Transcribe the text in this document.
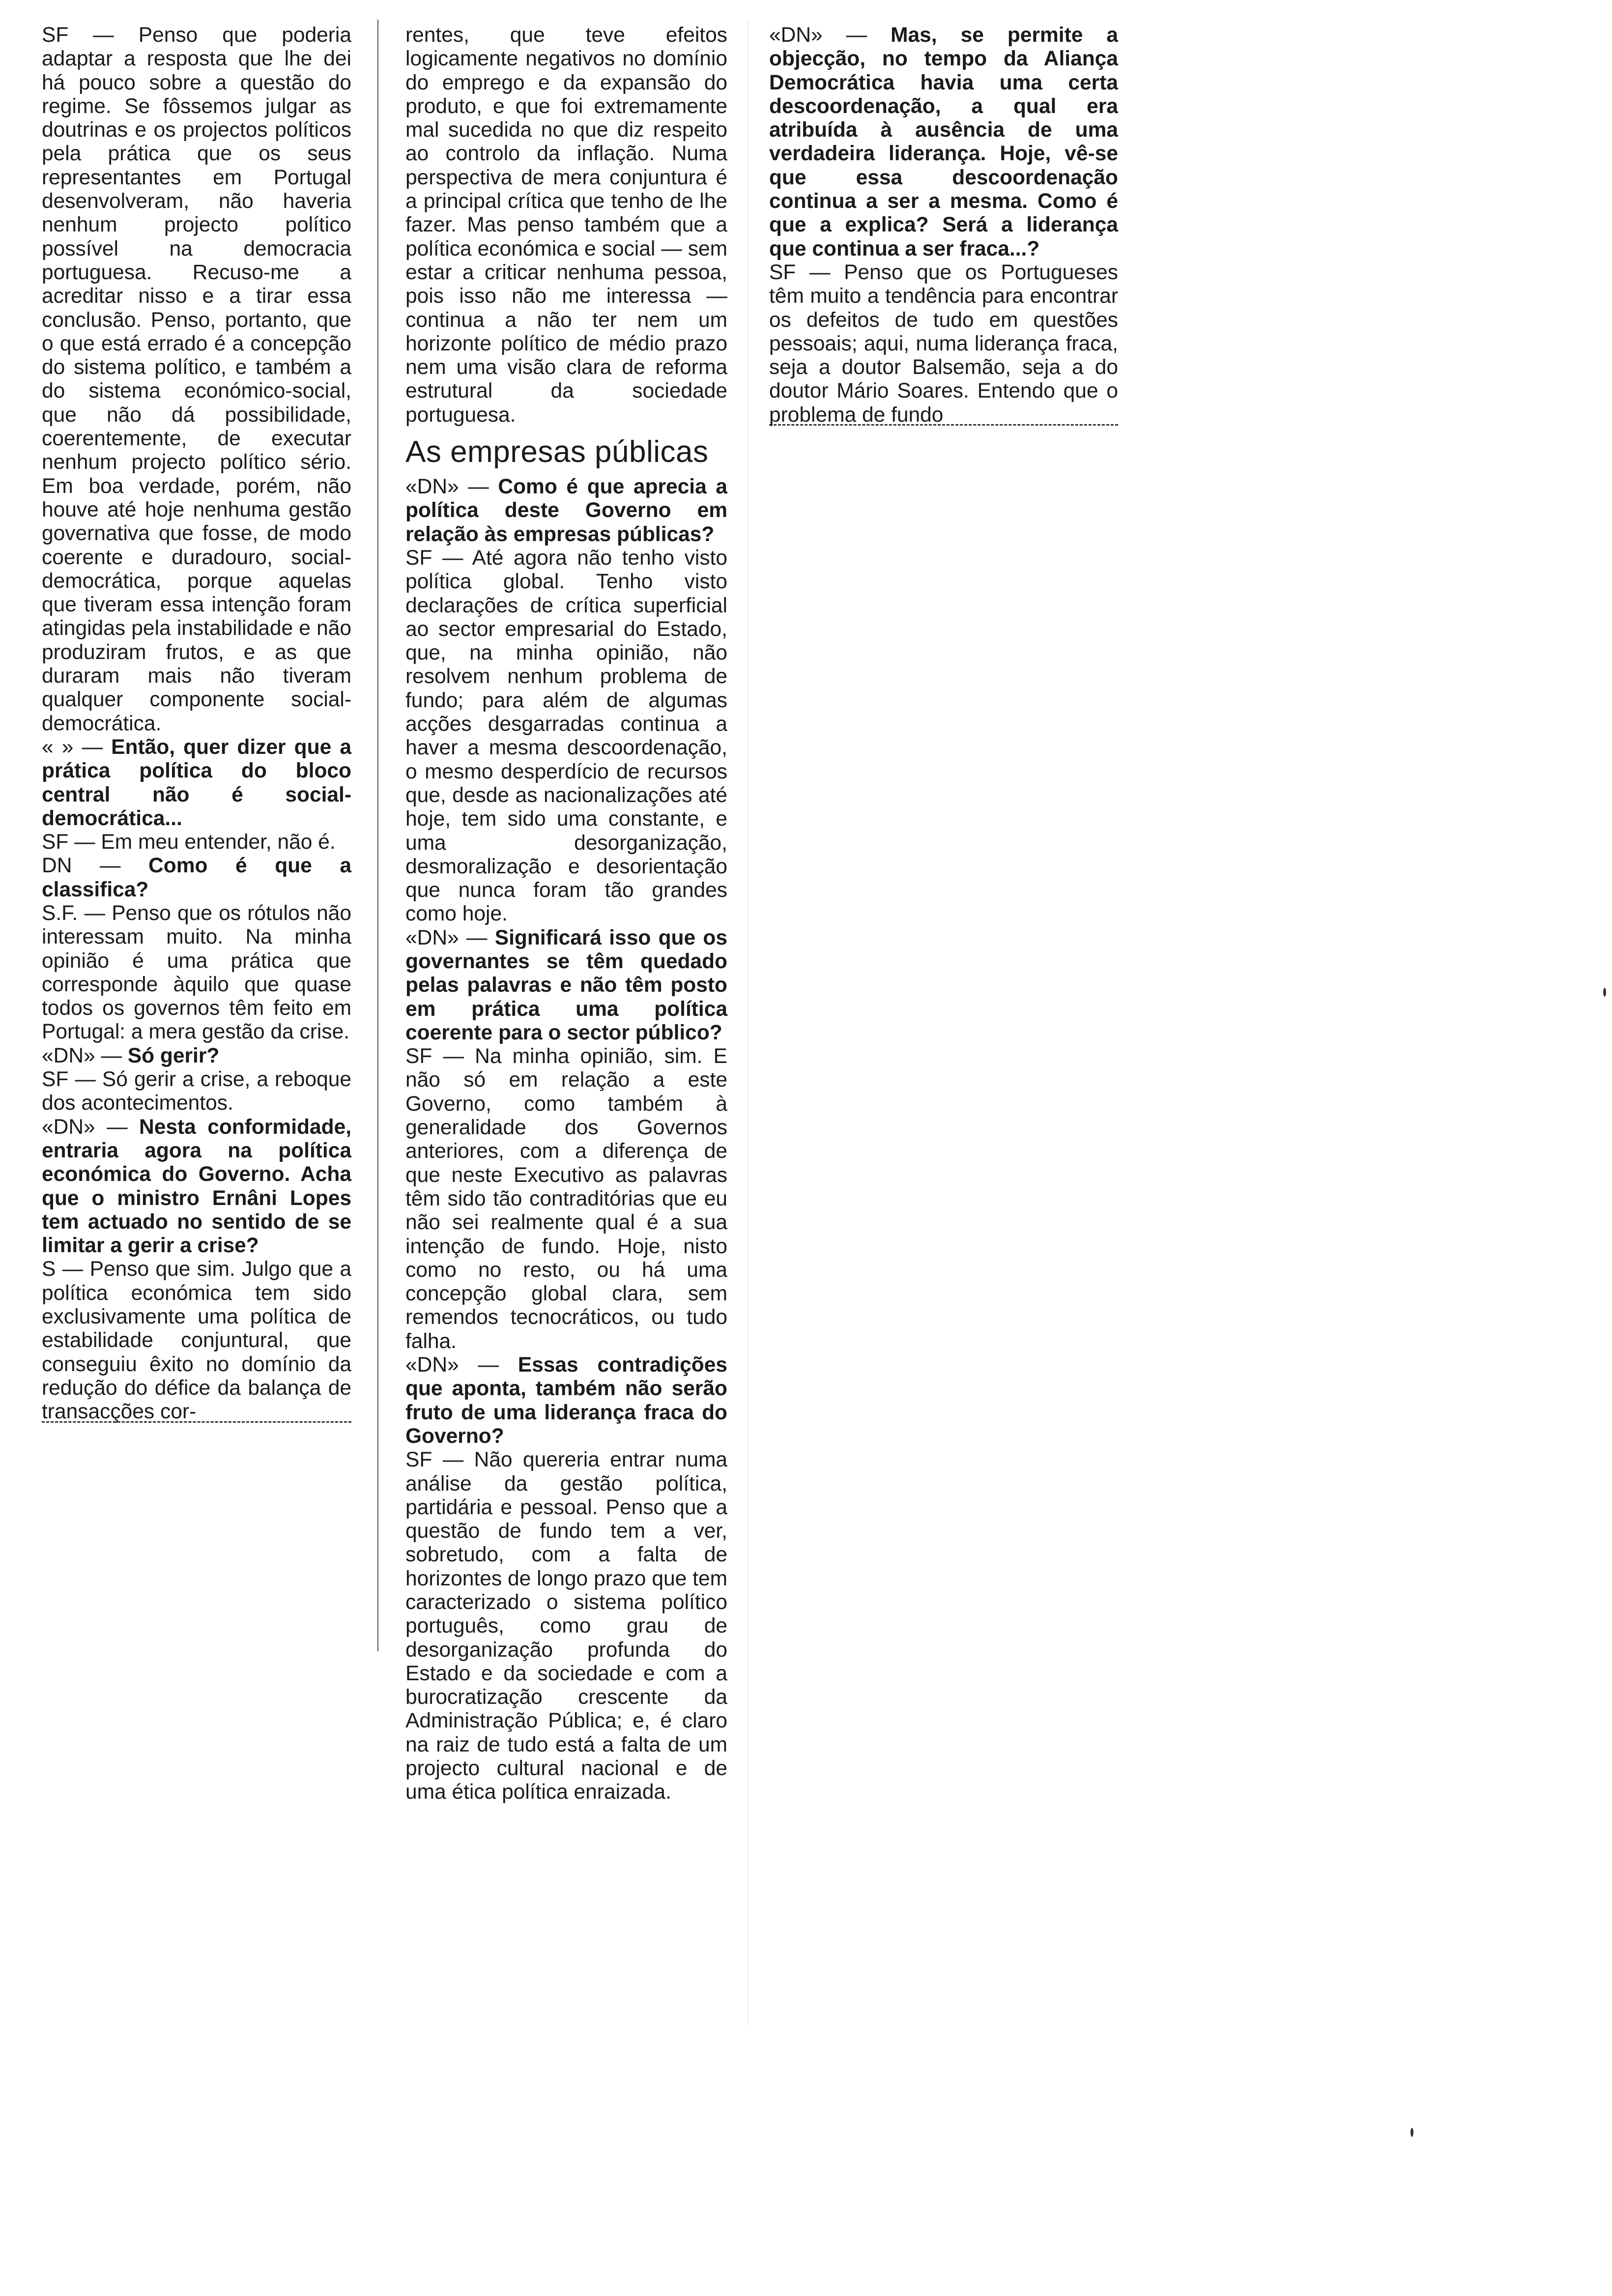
SF — Penso que poderia adaptar a resposta que lhe dei há pouco sobre a questão do regime. Se fôssemos julgar as doutrinas e os projectos políticos pela prática que os seus representantes em Portugal desenvolveram, não haveria nenhum projecto político possível na democracia portuguesa. Recuso-me a acreditar nisso e a tirar essa conclusão. Penso, portanto, que o que está errado é a concepção do sistema político, e também a do sistema económico-social, que não dá possibilidade, coerentemente, de executar nenhum projecto político sério. Em boa verdade, porém, não houve até hoje nenhuma gestão governativa que fosse, de modo coerente e duradouro, social-democrática, porque aquelas que tiveram essa intenção foram atingidas pela instabilidade e não produziram frutos, e as que duraram mais não tiveram qualquer componente social-democrática.

« » — Então, quer dizer que a prática política do bloco central não é social-democrática...

SF — Em meu entender, não é.

DN — Como é que a classifica?

S.F. — Penso que os rótulos não interessam muito. Na minha opinião é uma prática que corresponde àquilo que quase todos os governos têm feito em Portugal: a mera gestão da crise.

«DN» — Só gerir?

SF — Só gerir a crise, a reboque dos acontecimentos.

«DN» — Nesta conformidade, entraria agora na política económica do Governo. Acha que o ministro Ernâni Lopes tem actuado no sentido de se limitar a gerir a crise?

S — Penso que sim. Julgo que a política económica tem sido exclusivamente uma política de estabilidade conjuntural, que conseguiu êxito no domínio da redução do défice da balança de transacções cor-

rentes, que teve efeitos logicamente negativos no domínio do emprego e da expansão do produto, e que foi extremamente mal sucedida no que diz respeito ao controlo da inflação. Numa perspectiva de mera conjuntura é a principal crítica que tenho de lhe fazer. Mas penso também que a política económica e social — sem estar a criticar nenhuma pessoa, pois isso não me interessa — continua a não ter nem um horizonte político de médio prazo nem uma visão clara de reforma estrutural da sociedade portuguesa.

As empresas públicas

«DN» — Como é que aprecia a política deste Governo em relação às empresas públicas?

SF — Até agora não tenho visto política global. Tenho visto declarações de crítica superficial ao sector empresarial do Estado, que, na minha opinião, não resolvem nenhum problema de fundo; para além de algumas acções desgarradas continua a haver a mesma descoordenação, o mesmo desperdício de recursos que, desde as nacionalizações até hoje, tem sido uma constante, e uma desorganização, desmoralização e desorientação que nunca foram tão grandes como hoje.

«DN» — Significará isso que os governantes se têm quedado pelas palavras e não têm posto em prática uma política coerente para o sector público?

SF — Na minha opinião, sim. E não só em relação a este Governo, como também à generalidade dos Governos anteriores, com a diferença de que neste Executivo as palavras têm sido tão contraditórias que eu não sei realmente qual é a sua intenção de fundo. Hoje, nisto como no resto, ou há uma concepção global clara, sem remendos tecnocráticos, ou tudo falha.

«DN» — Essas contradições que aponta, também não serão fruto de uma liderança fraca do Governo?

SF — Não quereria entrar numa análise da gestão política, partidária e pessoal. Penso que a questão de fundo tem a ver, sobretudo, com a falta de horizontes de longo prazo que tem caracterizado o sistema político português, como grau de desorganização profunda do Estado e da sociedade e com a burocratização crescente da Administração Pública; e, é claro na raiz de tudo está a falta de um projecto cultural nacional e de uma ética política enraizada.

«DN» — Mas, se permite a objecção, no tempo da Aliança Democrática havia uma certa descoordenação, a qual era atribuída à ausência de uma verdadeira liderança. Hoje, vê-se que essa descoordenação continua a ser a mesma. Como é que a explica? Será a liderança que continua a ser fraca...?

SF — Penso que os Portugueses têm muito a tendência para encontrar os defeitos de tudo em questões pessoais; aqui, numa liderança fraca, seja a doutor Balsemão, seja a do doutor Mário Soares. Entendo que o problema de fundo
